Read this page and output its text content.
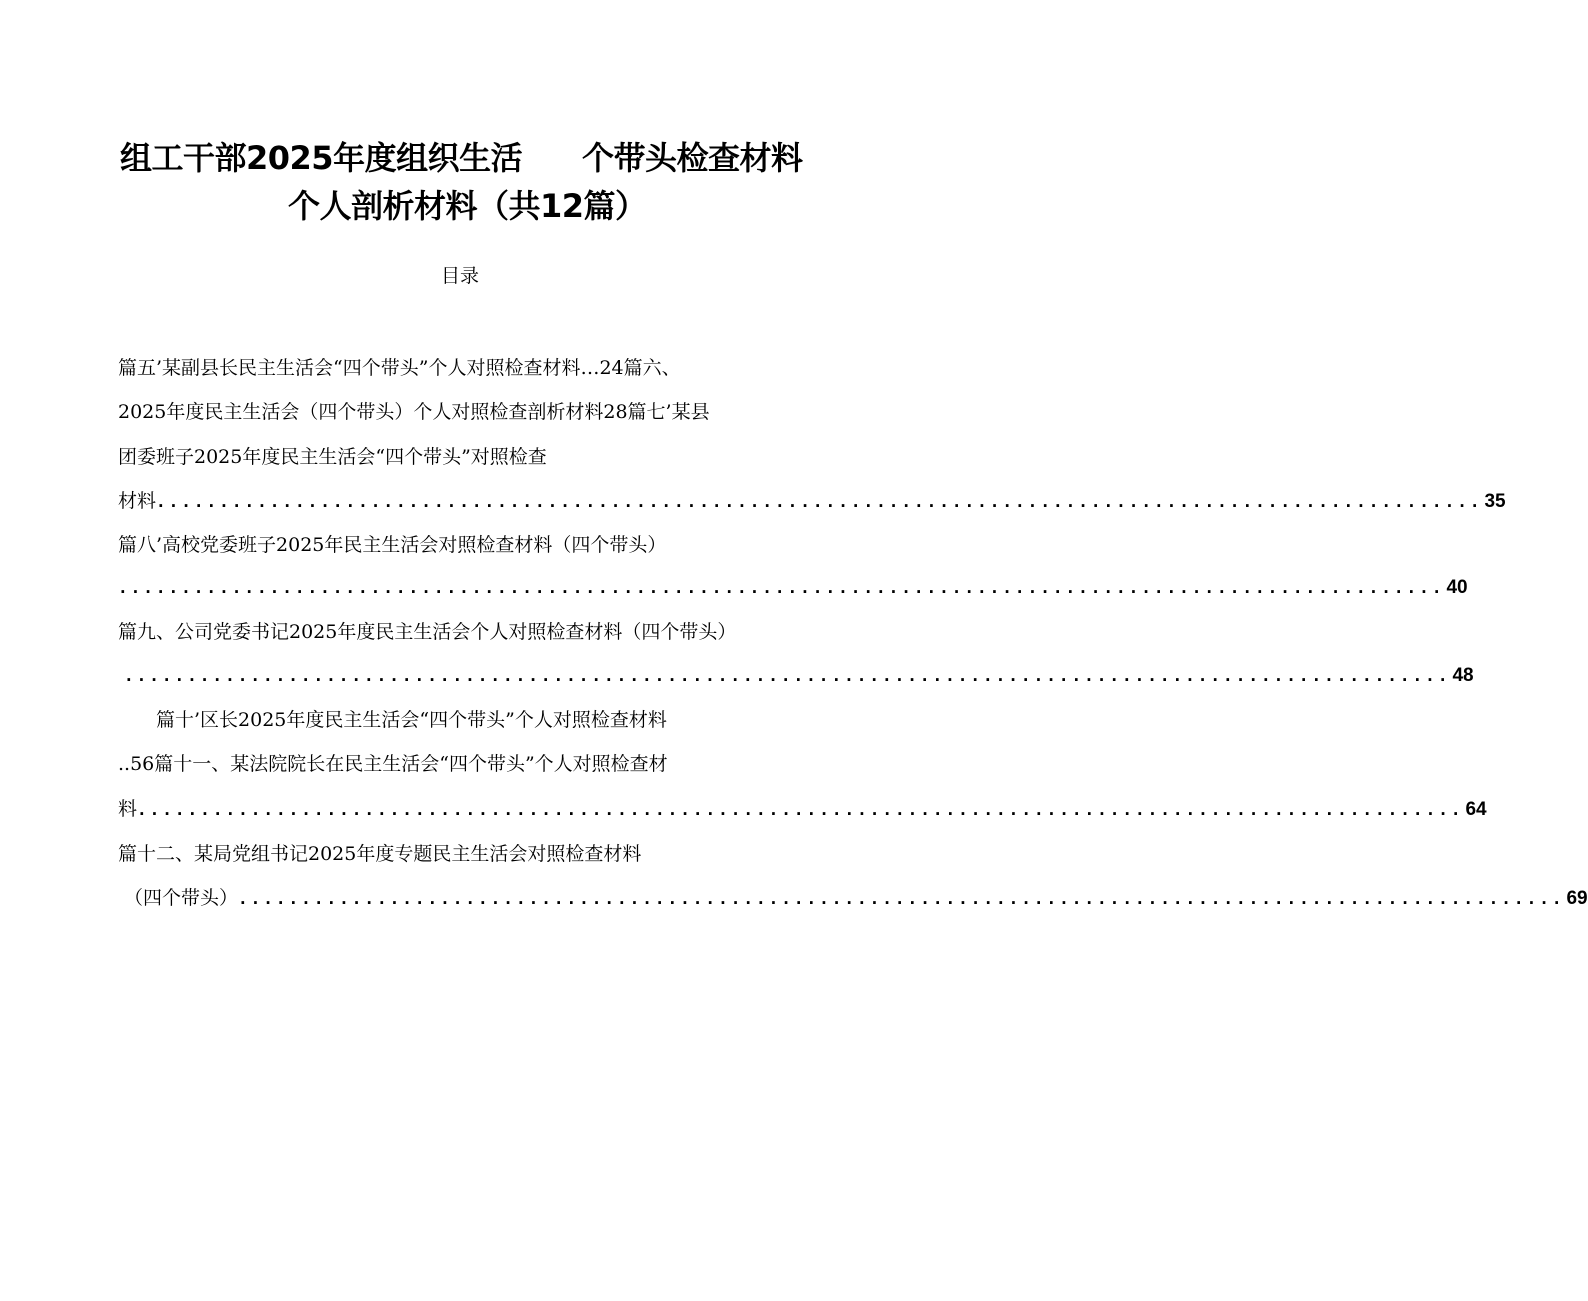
组工干部2025年度组织生活 个带头检查材料
个人剖析材料（共12篇）
目录
篇五’某副县长民主生活会“四个带头”个人对照检查材料…24篇六、
2025年度民主生活会（四个带头）个人对照检查剖析材料28篇七’某县
团委班子2025年度民主生活会“四个带头”对照检查
材料 ......................................................................................................... 35
篇八’高校党委班子2025年民主生活会对照检查材料（四个带头）
......................................................................................................... 40
篇九、公司党委书记2025年度民主生活会个人对照检查材料（四个带头）
......................................................................................................... 48
篇十’区长2025年度民主生活会“四个带头”个人对照检查材料
..56篇十一、某法院院长在民主生活会“四个带头”个人对照检查材
料 ......................................................................................................... 64
篇十二、某局党组书记2025年度专题民主生活会对照检查材料
（四个带头） ......................................................................................................... 69
